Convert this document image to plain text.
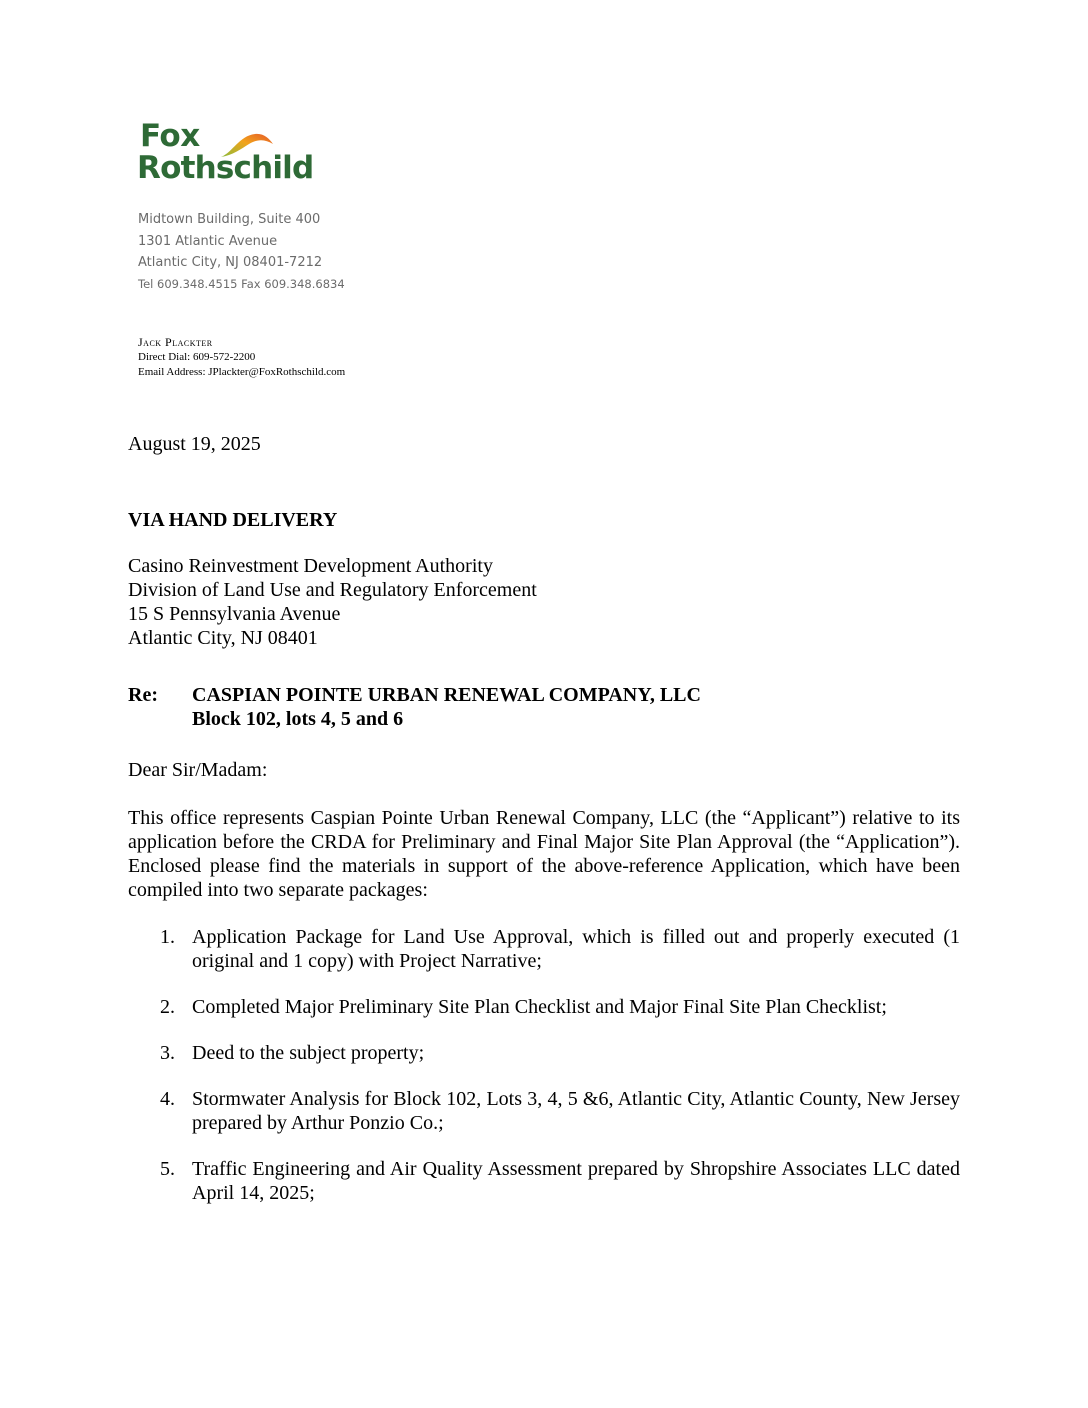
Fox
Rothschild
Midtown Building, Suite 400
1301 Atlantic Avenue
Atlantic City, NJ 08401-7212
Tel 609.348.4515 Fax 609.348.6834
Jack Plackter
Direct Dial: 609-572-2200
Email Address: JPlackter@FoxRothschild.com
August 19, 2025
VIA HAND DELIVERY
Casino Reinvestment Development Authority
Division of Land Use and Regulatory Enforcement
15 S Pennsylvania Avenue
Atlantic City, NJ 08401
Re: CASPIAN POINTE URBAN RENEWAL COMPANY, LLC
Block 102, lots 4, 5 and 6
Dear Sir/Madam:
This office represents Caspian Pointe Urban Renewal Company, LLC (the “Applicant”) relative to its application before the CRDA for Preliminary and Final Major Site Plan Approval (the “Application”). Enclosed please find the materials in support of the above-reference Application, which have been compiled into two separate packages:
1. Application Package for Land Use Approval, which is filled out and properly executed (1 original and 1 copy) with Project Narrative;
2. Completed Major Preliminary Site Plan Checklist and Major Final Site Plan Checklist;
3. Deed to the subject property;
4. Stormwater Analysis for Block 102, Lots 3, 4, 5 &6, Atlantic City, Atlantic County, New Jersey prepared by Arthur Ponzio Co.;
5. Traffic Engineering and Air Quality Assessment prepared by Shropshire Associates LLC dated April 14, 2025;
